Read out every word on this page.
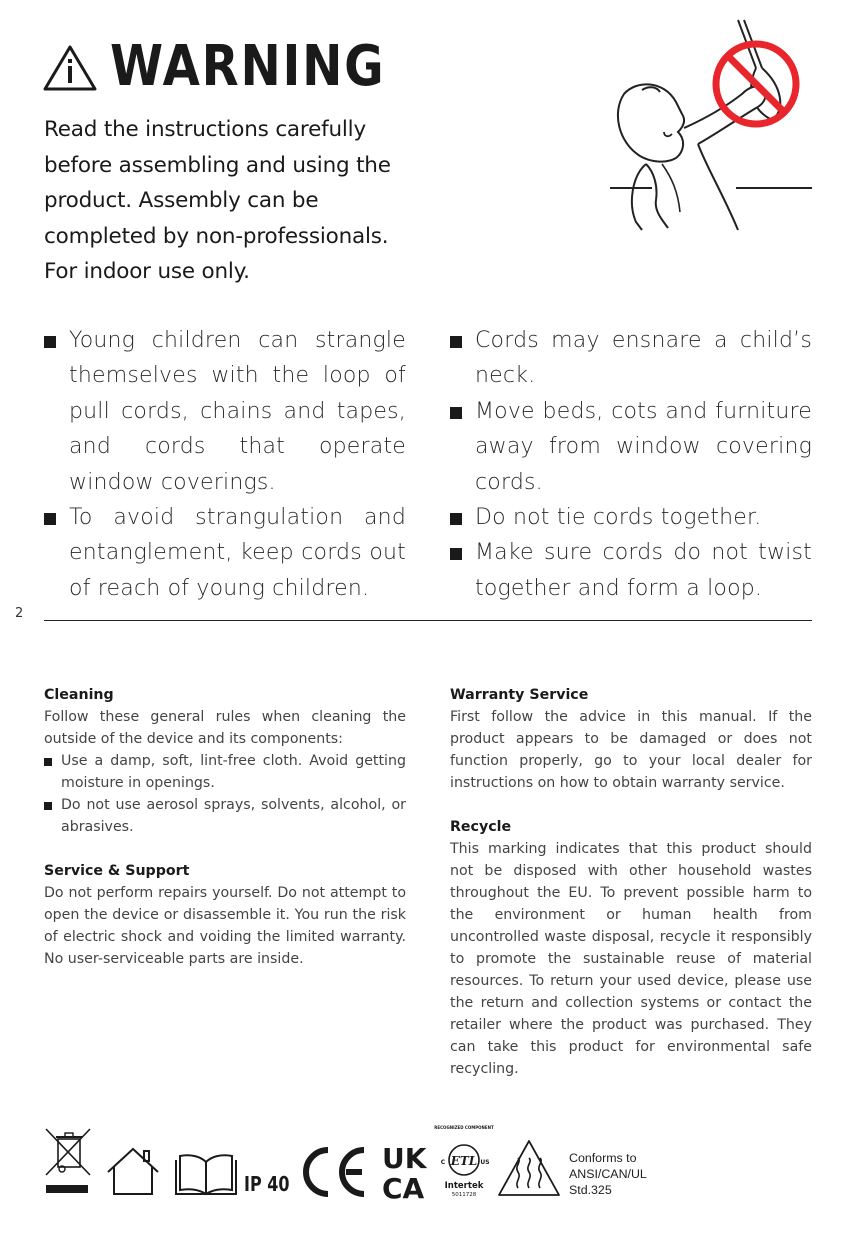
WARNING

Read the instructions carefully before assembling and using the product. Assembly can be completed by non-professionals. For indoor use only.

Young children can strangle themselves with the loop of pull cords, chains and tapes, and cords that operate window coverings.
To avoid strangulation and entanglement, keep cords out of reach of young children.
Cords may ensnare a child’s neck.
Move beds, cots and furniture away from window covering cords.
Do not tie cords together.
Make sure cords do not twist together and form a loop.
2

Cleaning

Follow these general rules when cleaning the outside of the device and its components:

Use a damp, soft, lint-free cloth. Avoid getting moisture in openings.
Do not use aerosol sprays, solvents, alcohol, or abrasives.

Service & Support

Do not perform repairs yourself. Do not attempt to open the device or disassemble it. You run the risk of electric shock and voiding the limited warranty. No user-serviceable parts are inside.

Warranty Service

First follow the advice in this manual. If the product appears to be damaged or does not function properly, go to your local dealer for instructions on how to obtain warranty service.

Recycle

This marking indicates that this product should not be disposed with other household wastes throughout the EU. To prevent possible harm to the environment or human health from uncontrolled waste disposal, recycle it responsibly to promote the sustainable reuse of material resources. To return your used device, please use the return and collection systems or contact the retailer where the product was purchased. They can take this product for environmental safe recycling.

IP 40
UK
CA
RECOGNIZED COMPONENT
ETL
C	US
Intertek
5011728
Conforms to ANSI/CAN/UL Std.325
